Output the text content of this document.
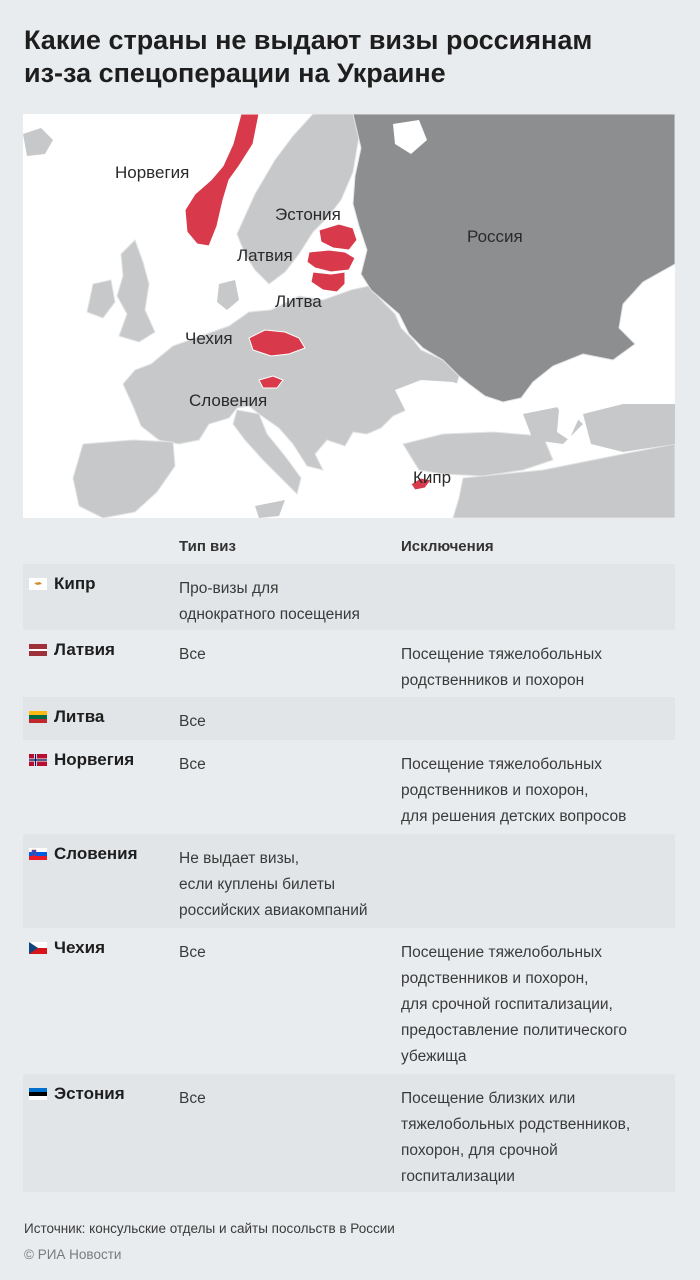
Какие страны не выдают визы россиянам
из-за спецоперации на Украине
Норвегия
Эстония
Латвия
Литва
Чехия
Словения
Кипр
Россия
Тип виз	Исключения
Кипр	Про-визы для
однократного посещения
Латвия	Все	Посещение тяжелобольных
родственников и похорон
Литва	Все
Норвегия	Все	Посещение тяжелобольных
родственников и похорон,
для решения детских вопросов
Словения	Не выдает визы,
если куплены билеты
российских авиакомпаний
Чехия	Все	Посещение тяжелобольных
родственников и похорон,
для срочной госпитализации,
предоставление политического
убежища
Эстония	Все	Посещение близких или
тяжелобольных родственников,
похорон, для срочной
госпитализации
Источник: консульские отделы и сайты посольств в России
© РИА Новости
